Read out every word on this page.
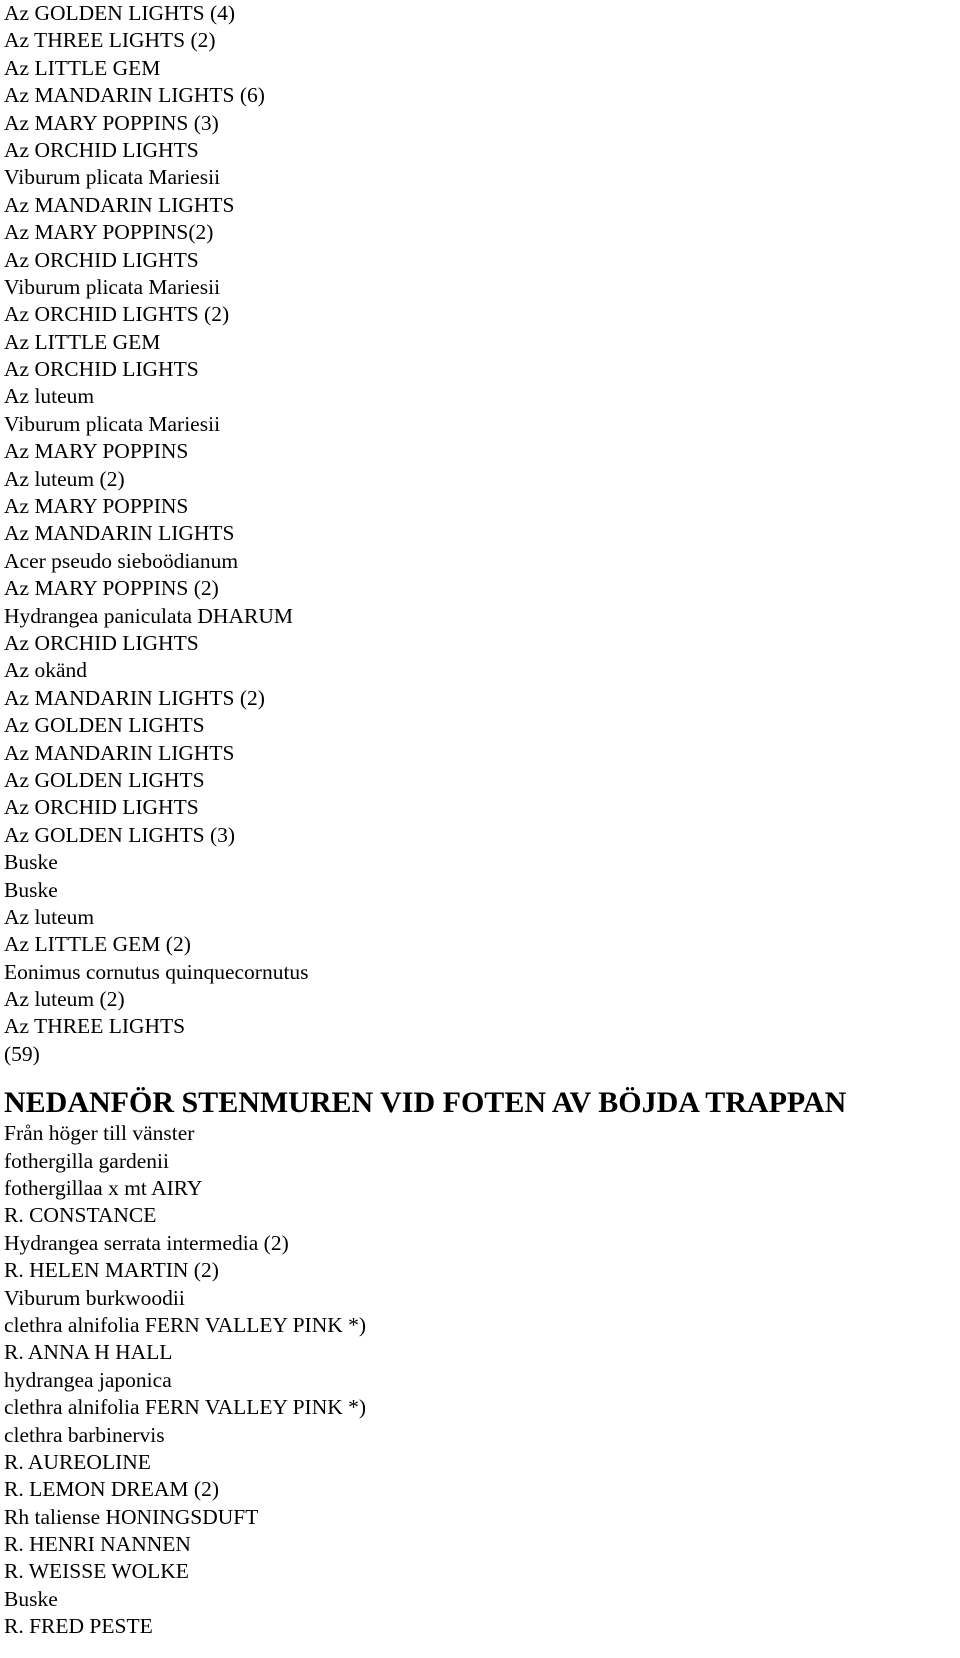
Az GOLDEN LIGHTS (4)
Az THREE LIGHTS (2)
Az LITTLE GEM
Az MANDARIN LIGHTS (6)
Az MARY POPPINS (3)
Az ORCHID LIGHTS
Viburum plicata Mariesii
Az MANDARIN LIGHTS
Az MARY POPPINS(2)
Az ORCHID LIGHTS
Viburum plicata Mariesii
Az ORCHID LIGHTS (2)
Az LITTLE GEM
Az ORCHID LIGHTS
Az luteum
Viburum plicata Mariesii
Az MARY POPPINS
Az luteum (2)
Az MARY POPPINS
Az MANDARIN LIGHTS
Acer pseudo sieboödianum
Az MARY POPPINS (2)
Hydrangea paniculata DHARUM
Az ORCHID LIGHTS
Az okänd
Az MANDARIN LIGHTS (2)
Az GOLDEN LIGHTS
Az MANDARIN LIGHTS
Az GOLDEN LIGHTS
Az ORCHID LIGHTS
Az GOLDEN LIGHTS (3)
Buske
Buske
Az luteum
Az LITTLE GEM (2)
Eonimus cornutus quinquecornutus
Az luteum (2)
Az THREE LIGHTS
(59)
NEDANFÖR STENMUREN VID FOTEN AV BÖJDA TRAPPAN
Från höger till vänster
fothergilla gardenii
fothergillaa x mt AIRY
R. CONSTANCE
Hydrangea serrata intermedia (2)
R. HELEN MARTIN (2)
Viburum burkwoodii
clethra alnifolia FERN VALLEY PINK *)
R. ANNA H HALL
hydrangea japonica
clethra alnifolia FERN VALLEY PINK *)
clethra barbinervis
R. AUREOLINE
R. LEMON DREAM (2)
Rh taliense HONINGSDUFT
R. HENRI NANNEN
R. WEISSE WOLKE
Buske
R. FRED PESTE
